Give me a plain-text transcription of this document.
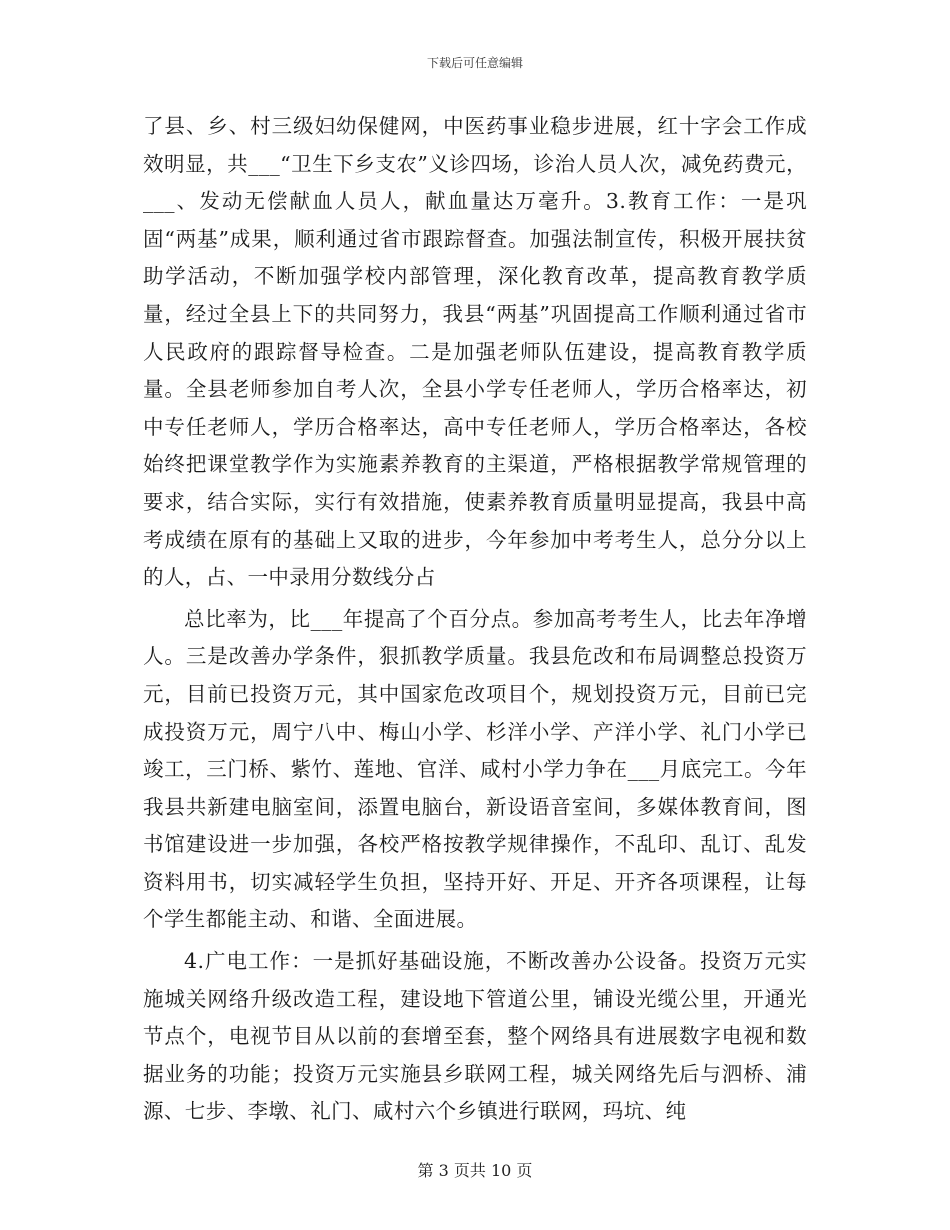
下载后可任意编辑

了县、乡、村三级妇幼保健网，中医药事业稳步进展，红十字会工作成效明显，共___“卫生下乡支农”义诊四场，诊治人员人次，减免药费元，___、发动无偿献血人员人，献血量达万毫升。3.教育工作：一是巩固“两基”成果，顺利通过省市跟踪督查。加强法制宣传，积极开展扶贫助学活动，不断加强学校内部管理，深化教育改革，提高教育教学质量，经过全县上下的共同努力，我县“两基”巩固提高工作顺利通过省市人民政府的跟踪督导检查。二是加强老师队伍建设，提高教育教学质量。全县老师参加自考人次，全县小学专任老师人，学历合格率达，初中专任老师人，学历合格率达，高中专任老师人，学历合格率达，各校始终把课堂教学作为实施素养教育的主渠道，严格根据教学常规管理的要求，结合实际，实行有效措施，使素养教育质量明显提高，我县中高考成绩在原有的基础上又取的进步，今年参加中考考生人，总分分以上的人，占、一中录用分数线分占

总比率为，比___年提高了个百分点。参加高考考生人，比去年净增人。三是改善办学条件，狠抓教学质量。我县危改和布局调整总投资万元，目前已投资万元，其中国家危改项目个，规划投资万元，目前已完成投资万元，周宁八中、梅山小学、杉洋小学、产洋小学、礼门小学已竣工，三门桥、紫竹、莲地、官洋、咸村小学力争在___月底完工。今年我县共新建电脑室间，添置电脑台，新设语音室间，多媒体教育间，图书馆建设进一步加强，各校严格按教学规律操作，不乱印、乱订、乱发资料用书，切实减轻学生负担，坚持开好、开足、开齐各项课程，让每个学生都能主动、和谐、全面进展。

4.广电工作：一是抓好基础设施，不断改善办公设备。投资万元实施城关网络升级改造工程，建设地下管道公里，铺设光缆公里，开通光节点个，电视节目从以前的套增至套，整个网络具有进展数字电视和数据业务的功能；投资万元实施县乡联网工程，城关网络先后与泗桥、浦源、七步、李墩、礼门、咸村六个乡镇进行联网，玛坑、纯

第 3 页共 10 页
